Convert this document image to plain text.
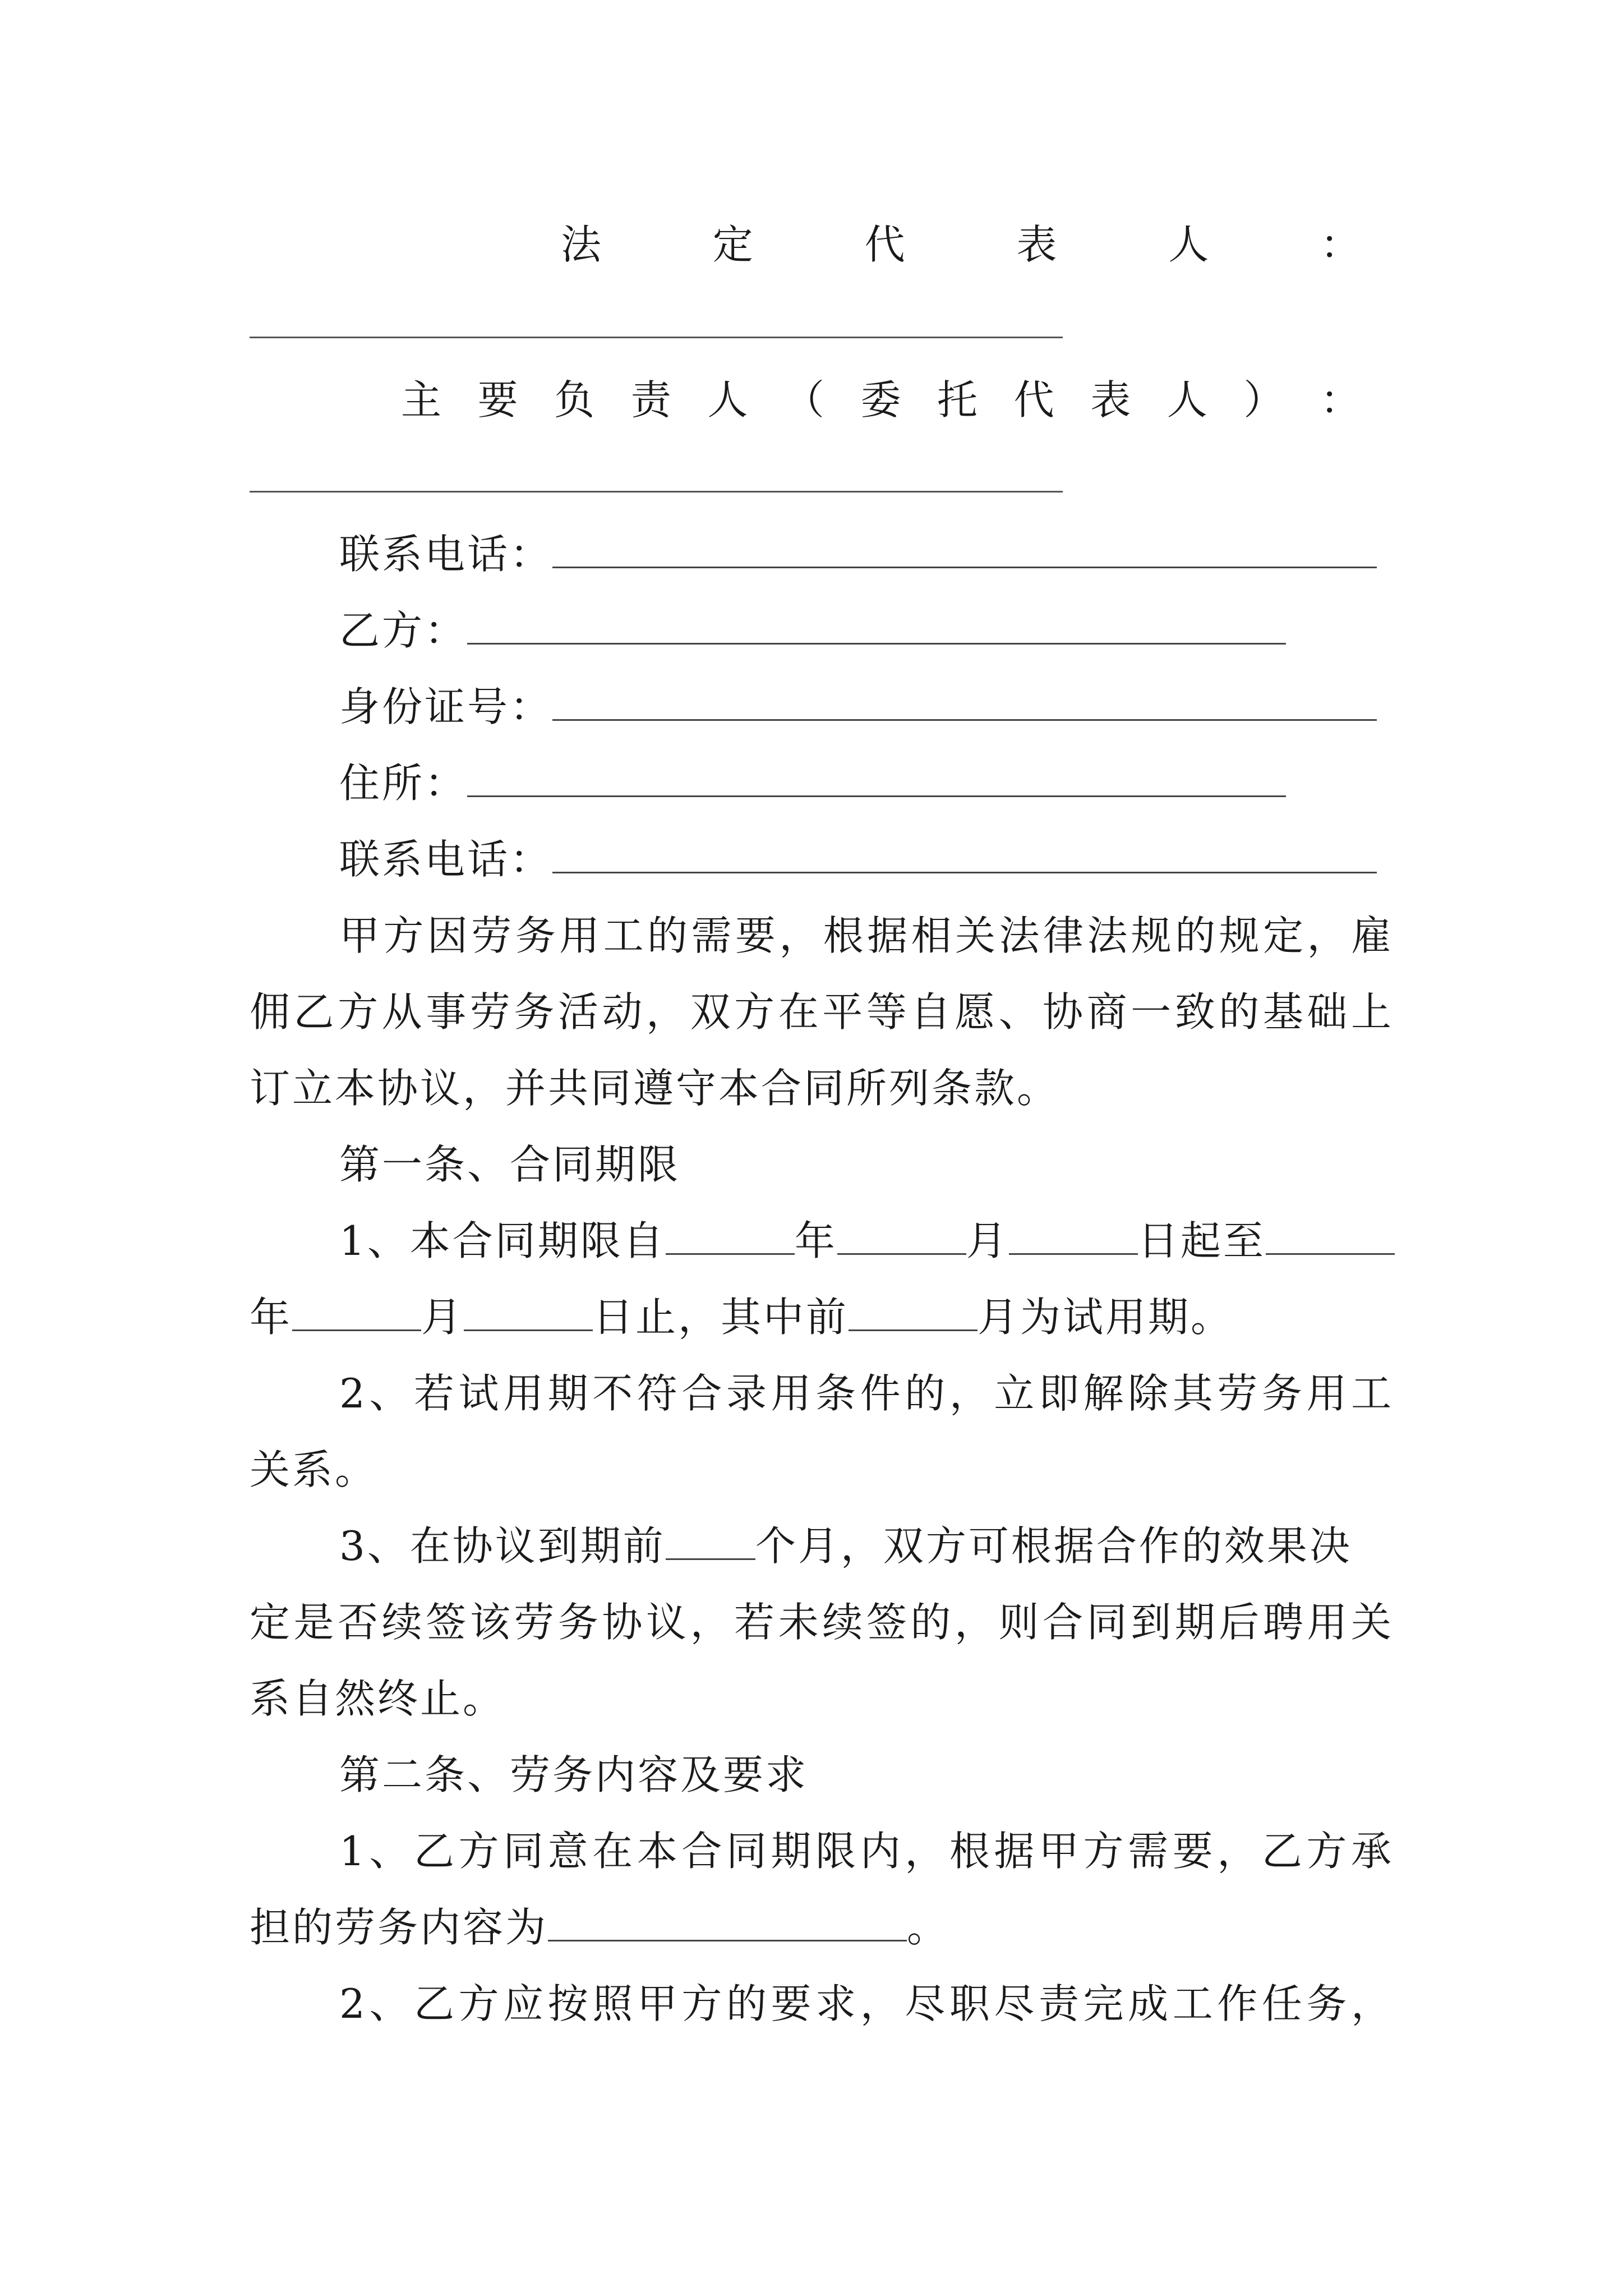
法	定	代	表	人	：
主 要 负 责 人 （ 委 托 代 表 人 ） ：
联系电话：
乙方：
身份证号：
住所：
联系电话：
甲方因劳务用工的需要，根据相关法律法规的规定，雇
佣乙方从事劳务活动，双方在平等自愿、协商一致的基础上
订立本协议，并共同遵守本合同所列条款。
第一条、合同期限
1、本合同期限自	年	月	日起至
年	月	日止，其中前	月为试用期。
2、若试用期不符合录用条件的，立即解除其劳务用工
关系。
3、在协议到期前 个月，双方可根据合作的效果决
定是否续签该劳务协议，若未续签的，则合同到期后聘用关
系自然终止。
第二条、劳务内容及要求
1、乙方同意在本合同期限内，根据甲方需要，乙方承
担的劳务内容为	。
2、乙方应按照甲方的要求，尽职尽责完成工作任务，
